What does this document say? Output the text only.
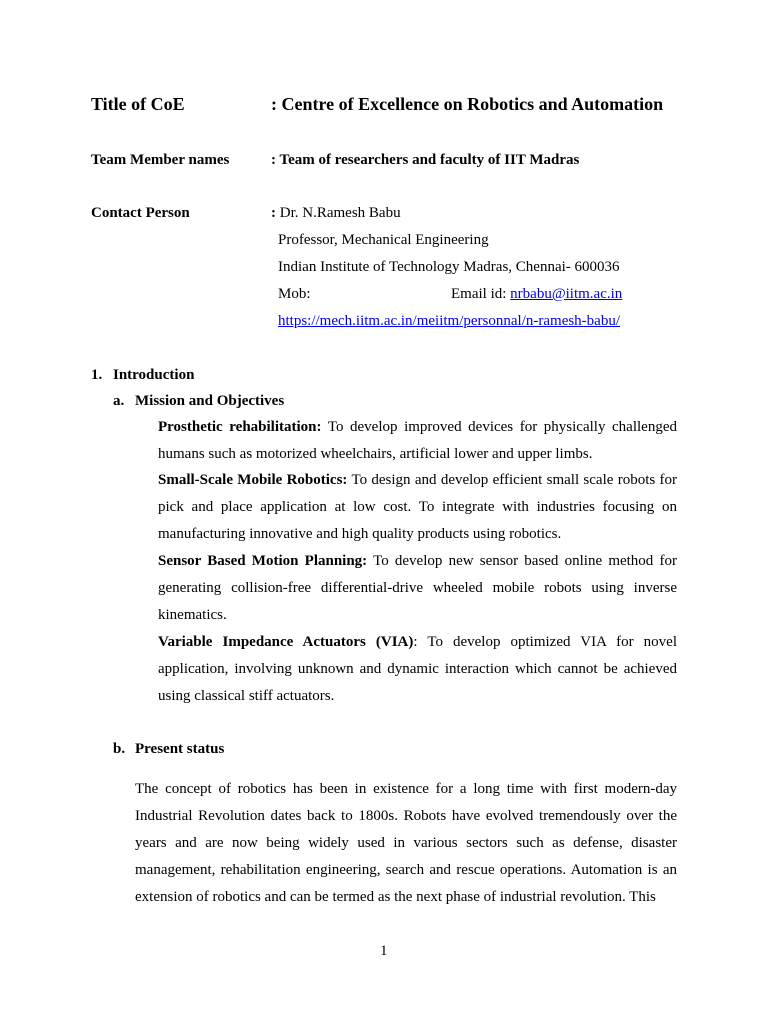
Title of CoE	: Centre of Excellence on Robotics and Automation
Team Member names	: Team of researchers and faculty of IIT Madras
Contact Person	: Dr. N.Ramesh Babu
Professor, Mechanical Engineering
Indian Institute of Technology Madras, Chennai- 600036
Mob:	Email id: nrbabu@iitm.ac.in
https://mech.iitm.ac.in/meiitm/personnal/n-ramesh-babu/
1. Introduction
a. Mission and Objectives
Prosthetic rehabilitation: To develop improved devices for physically challenged humans such as motorized wheelchairs, artificial lower and upper limbs.
Small-Scale Mobile Robotics: To design and develop efficient small scale robots for pick and place application at low cost. To integrate with industries focusing on manufacturing innovative and high quality products using robotics.
Sensor Based Motion Planning: To develop new sensor based online method for generating collision-free differential-drive wheeled mobile robots using inverse kinematics.
Variable Impedance Actuators (VIA): To develop optimized VIA for novel application, involving unknown and dynamic interaction which cannot be achieved using classical stiff actuators.
b. Present status
The concept of robotics has been in existence for a long time with first modern-day Industrial Revolution dates back to 1800s. Robots have evolved tremendously over the years and are now being widely used in various sectors such as defense, disaster management, rehabilitation engineering, search and rescue operations. Automation is an extension of robotics and can be termed as the next phase of industrial revolution. This
1
